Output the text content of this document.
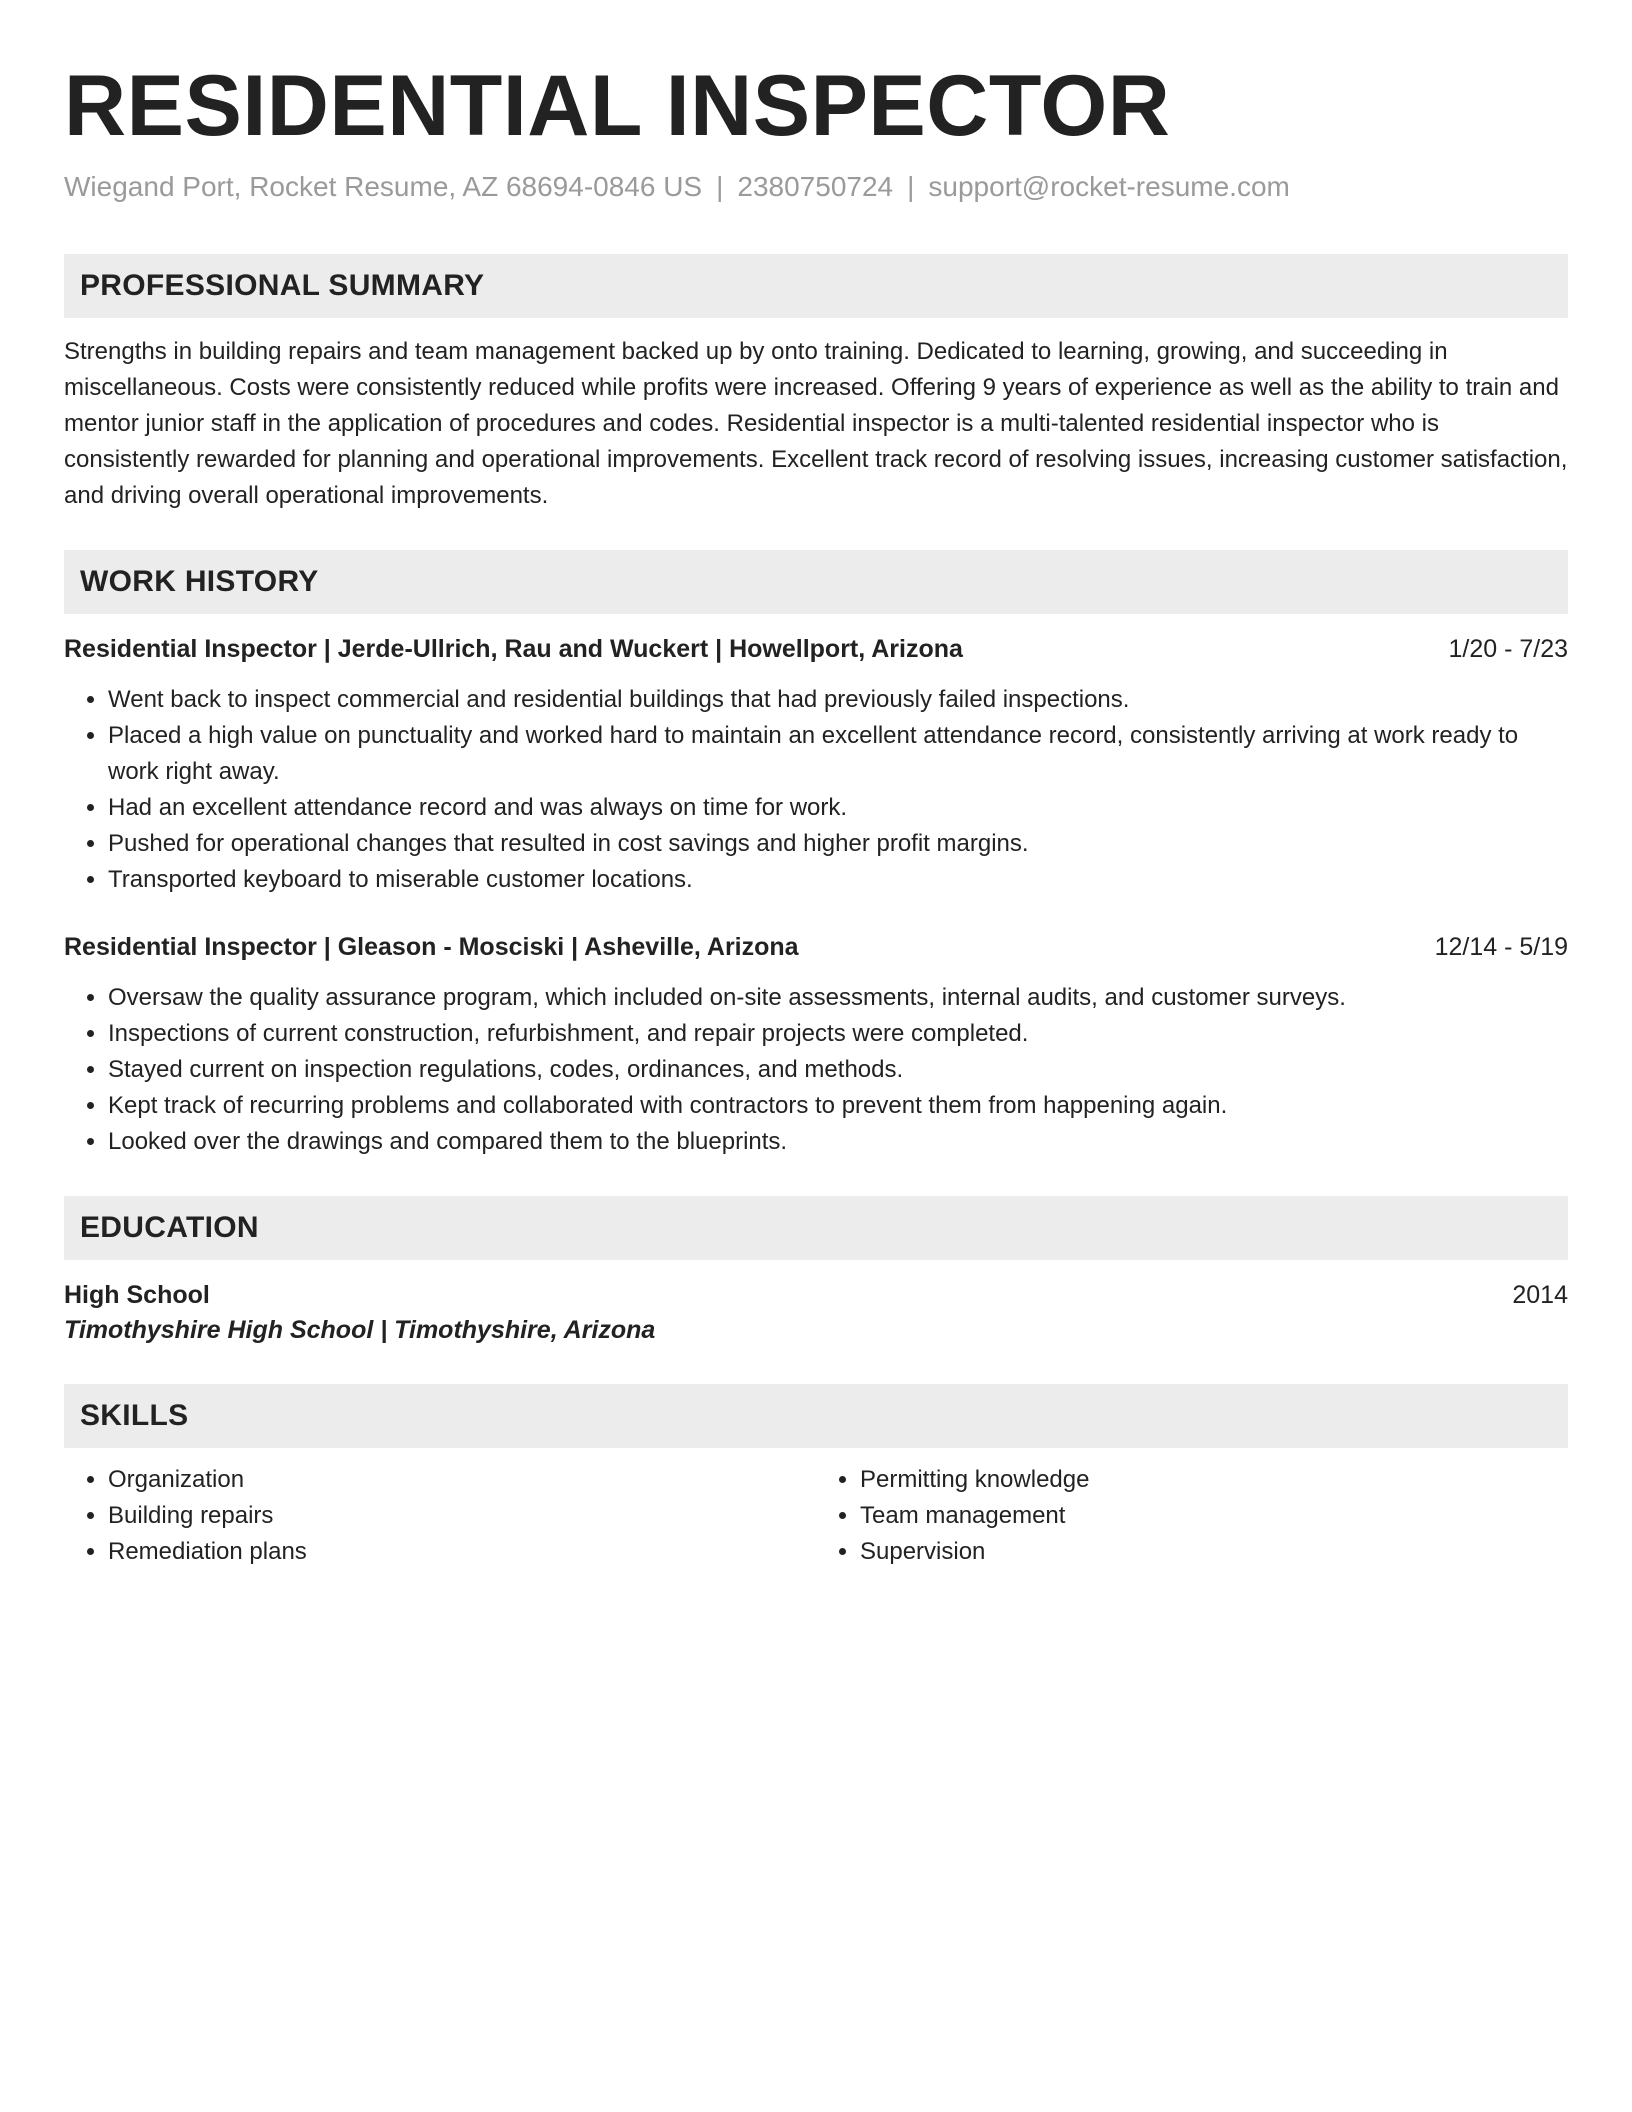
RESIDENTIAL INSPECTOR
Wiegand Port, Rocket Resume, AZ 68694-0846 US | 2380750724 | support@rocket-resume.com
PROFESSIONAL SUMMARY
Strengths in building repairs and team management backed up by onto training. Dedicated to learning, growing, and succeeding in miscellaneous. Costs were consistently reduced while profits were increased. Offering 9 years of experience as well as the ability to train and mentor junior staff in the application of procedures and codes. Residential inspector is a multi-talented residential inspector who is consistently rewarded for planning and operational improvements. Excellent track record of resolving issues, increasing customer satisfaction, and driving overall operational improvements.
WORK HISTORY
Residential Inspector | Jerde-Ullrich, Rau and Wuckert | Howellport, Arizona	1/20 - 7/23
• Went back to inspect commercial and residential buildings that had previously failed inspections.
• Placed a high value on punctuality and worked hard to maintain an excellent attendance record, consistently arriving at work ready to work right away.
• Had an excellent attendance record and was always on time for work.
• Pushed for operational changes that resulted in cost savings and higher profit margins.
• Transported keyboard to miserable customer locations.
Residential Inspector | Gleason - Mosciski | Asheville, Arizona	12/14 - 5/19
• Oversaw the quality assurance program, which included on-site assessments, internal audits, and customer surveys.
• Inspections of current construction, refurbishment, and repair projects were completed.
• Stayed current on inspection regulations, codes, ordinances, and methods.
• Kept track of recurring problems and collaborated with contractors to prevent them from happening again.
• Looked over the drawings and compared them to the blueprints.
EDUCATION
High School	2014
Timothyshire High School | Timothyshire, Arizona
SKILLS
• Organization
• Building repairs
• Remediation plans
• Permitting knowledge
• Team management
• Supervision
